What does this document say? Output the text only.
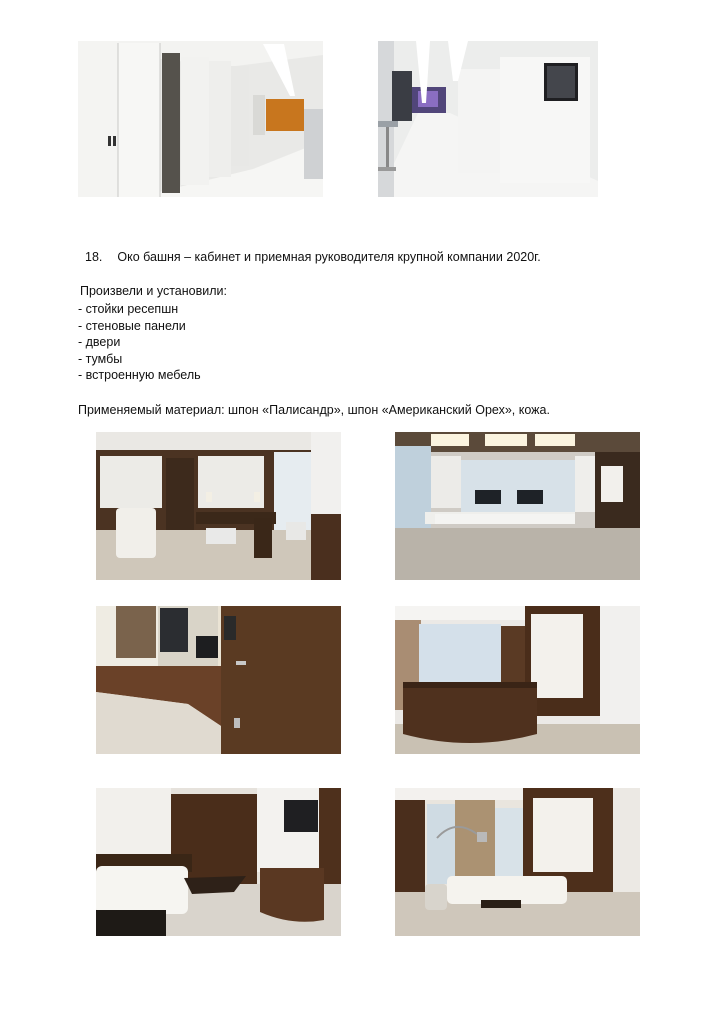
18. Око башня – кабинет и приемная руководителя крупной компании 2020г.
Произвели и установили:
- стойки ресепшн
- стеновые панели
- двери
- тумбы
- встроенную мебель
Применяемый материал: шпон «Палисандр», шпон «Американский Орех», кожа.
